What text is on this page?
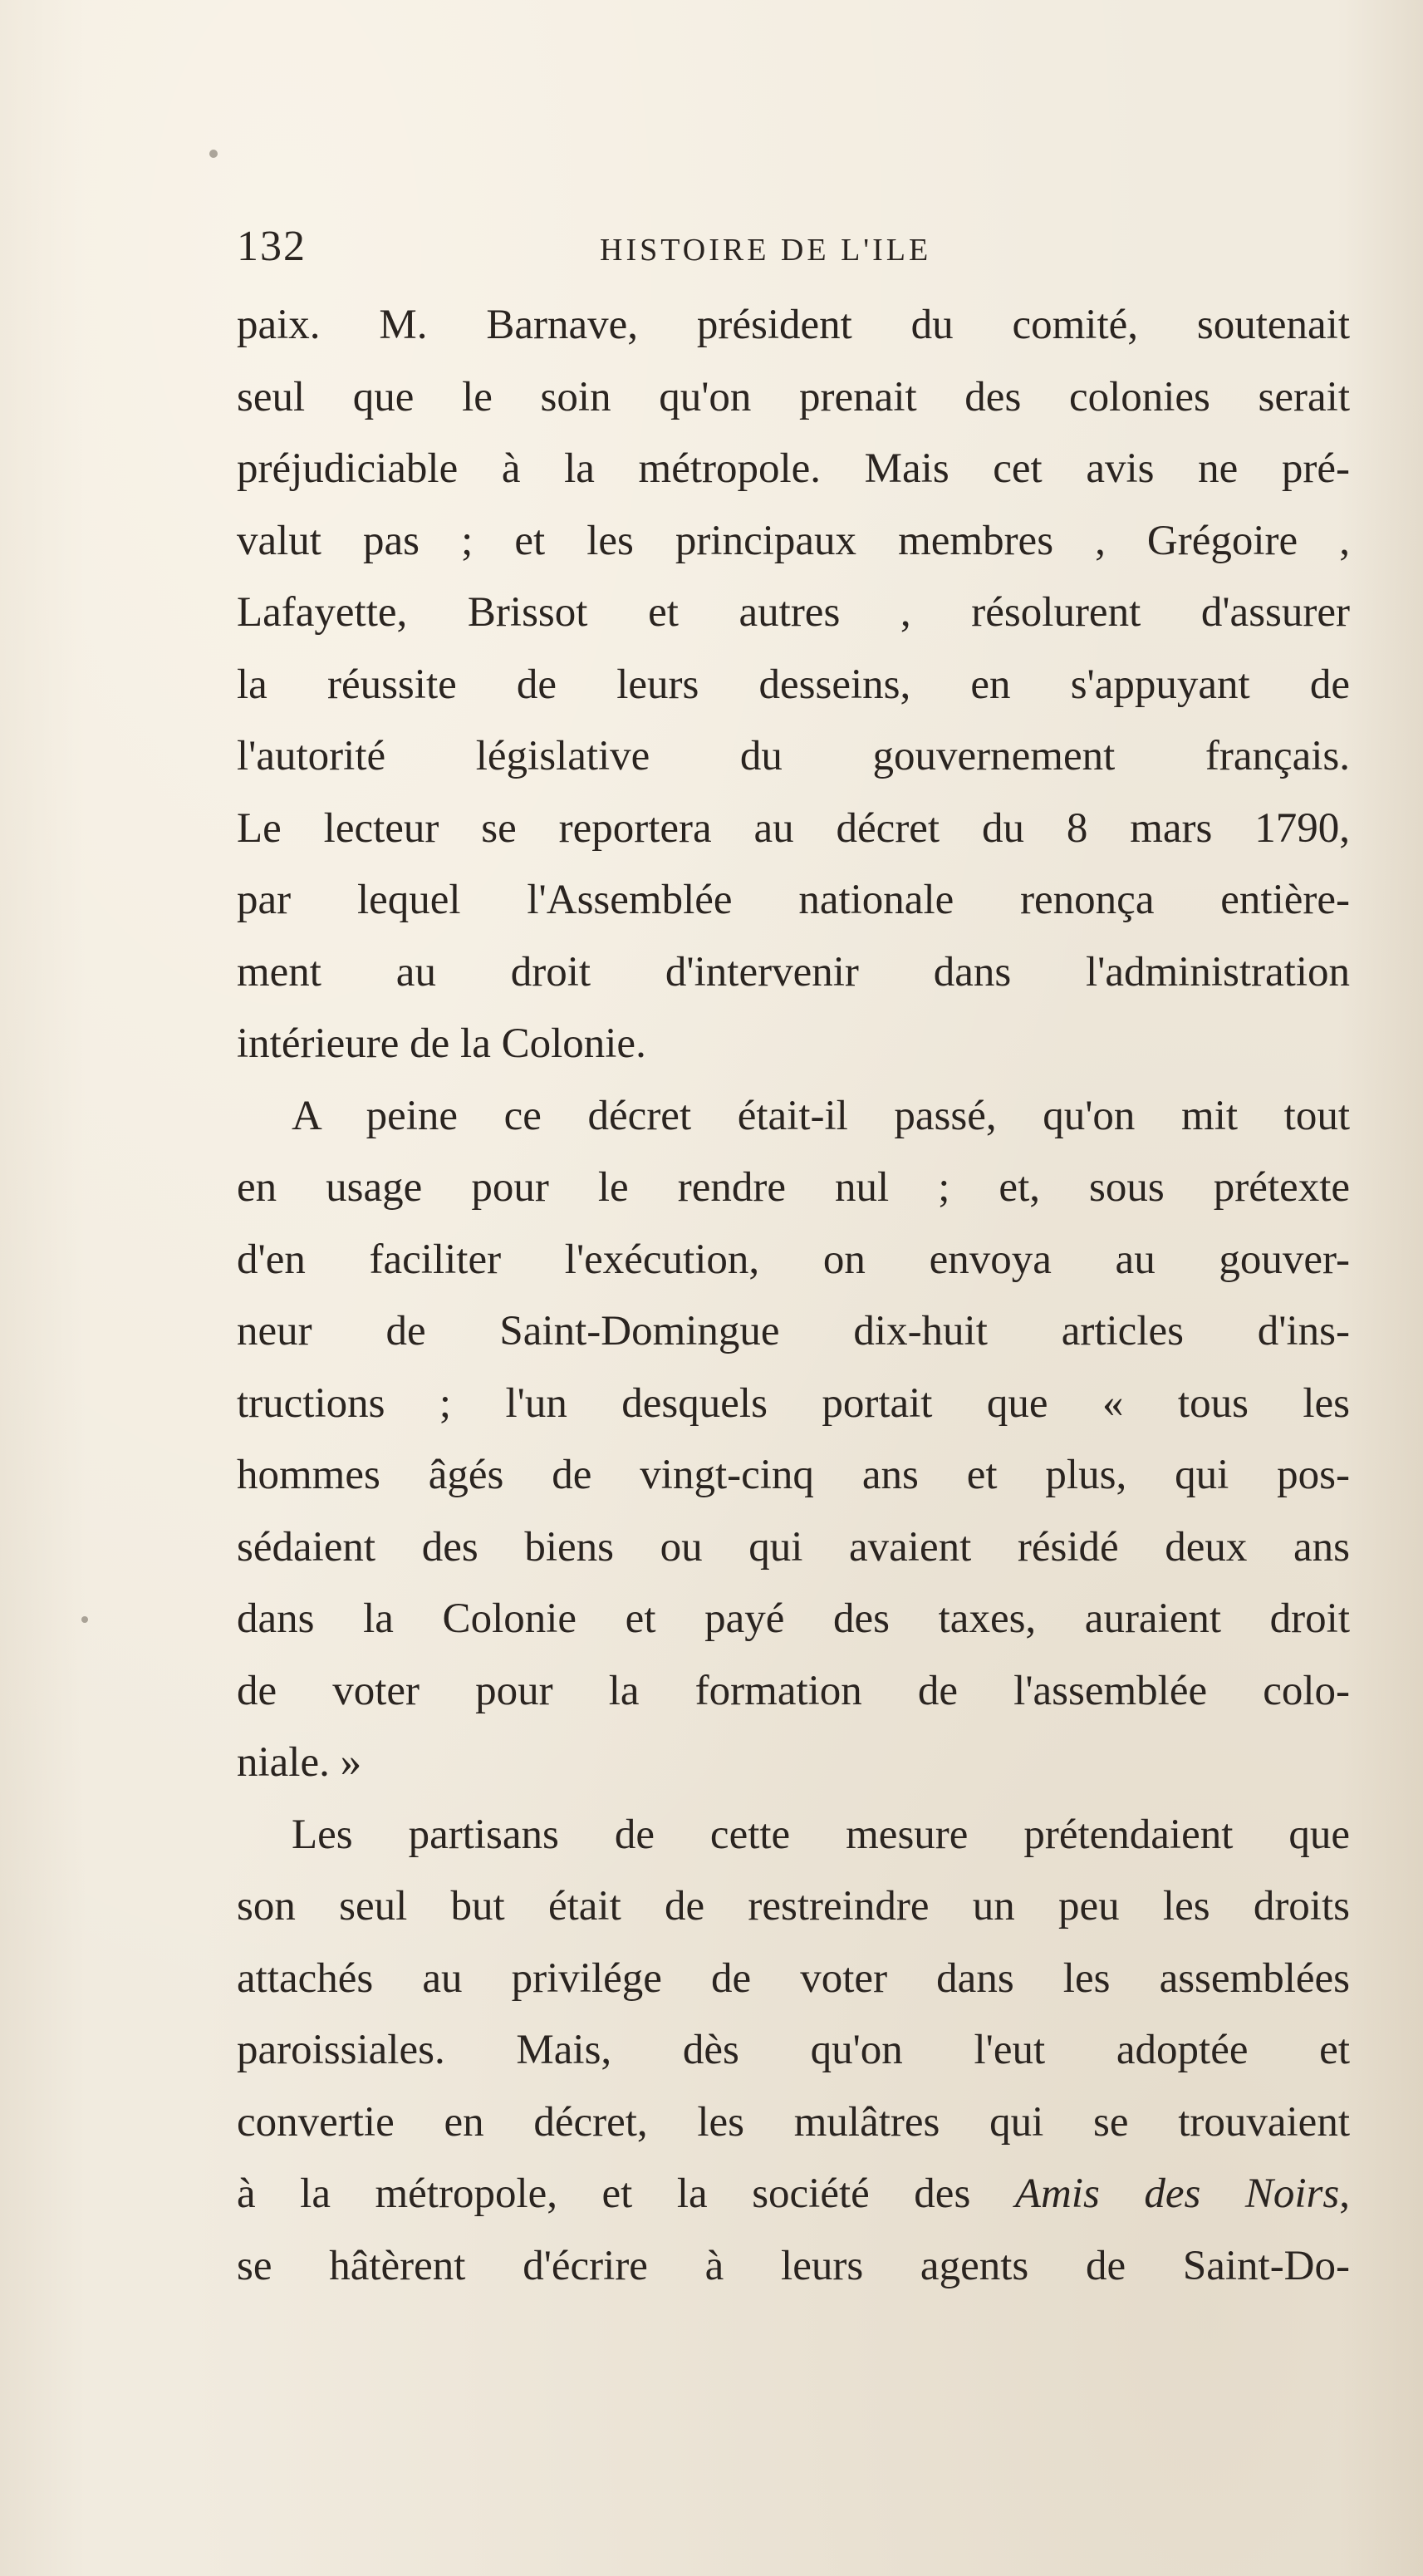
132	HISTOIRE DE L'ILE
paix. M. Barnave, président du comité, soutenait
seul que le soin qu'on prenait des colonies serait
préjudiciable à la métropole. Mais cet avis ne pré-
valut pas ; et les principaux membres , Grégoire ,
Lafayette, Brissot et autres , résolurent d'assurer
la réussite de leurs desseins, en s'appuyant de
l'autorité législative du gouvernement français.
Le lecteur se reportera au décret du 8 mars 1790,
par lequel l'Assemblée nationale renonça entière-
ment au droit d'intervenir dans l'administration
intérieure de la Colonie.
A peine ce décret était-il passé, qu'on mit tout
en usage pour le rendre nul ; et, sous prétexte
d'en faciliter l'exécution, on envoya au gouver-
neur de Saint-Domingue dix-huit articles d'ins-
tructions ; l'un desquels portait que « tous les
hommes âgés de vingt-cinq ans et plus, qui pos-
sédaient des biens ou qui avaient résidé deux ans
dans la Colonie et payé des taxes, auraient droit
de voter pour la formation de l'assemblée colo-
niale. »
Les partisans de cette mesure prétendaient que
son seul but était de restreindre un peu les droits
attachés au privilége de voter dans les assemblées
paroissiales. Mais, dès qu'on l'eut adoptée et
convertie en décret, les mulâtres qui se trouvaient
à la métropole, et la société des Amis des Noirs,
se hâtèrent d'écrire à leurs agents de Saint-Do-
